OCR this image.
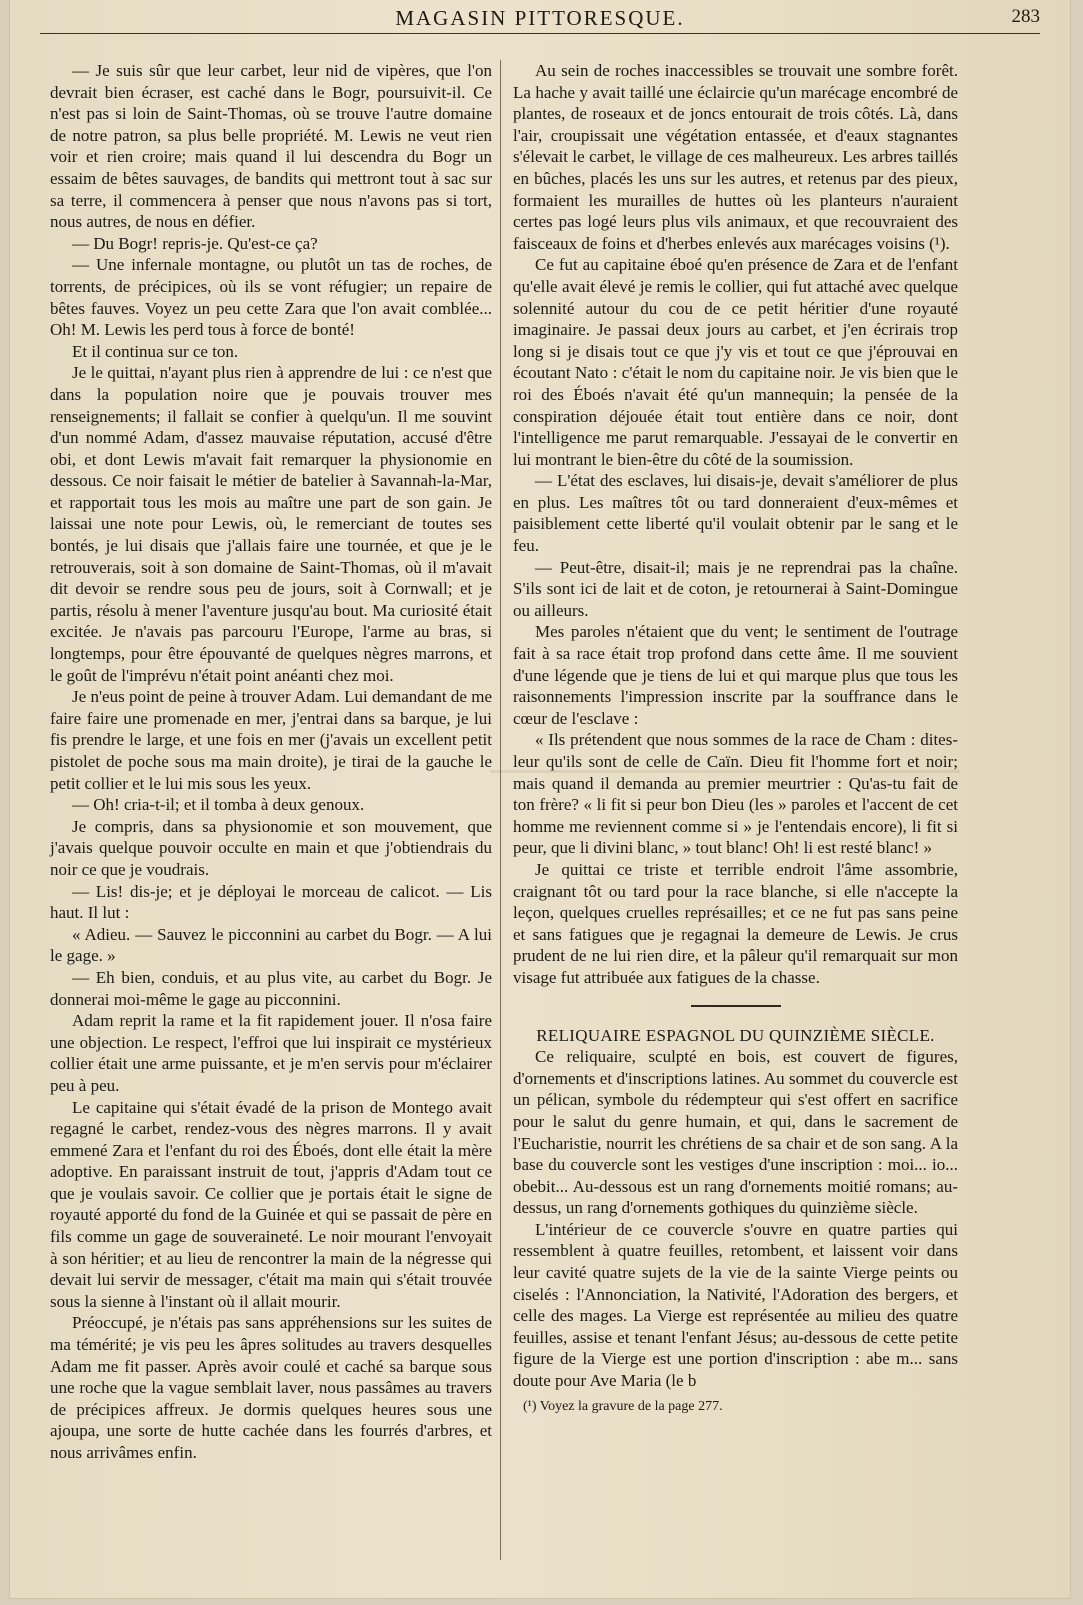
MAGASIN PITTORESQUE.	283

— Je suis sûr que leur carbet, leur nid de vipères, que l'on devrait bien écraser, est caché dans le Bogr, poursuivit-il. Ce n'est pas si loin de Saint-Thomas, où se trouve l'autre domaine de notre patron, sa plus belle propriété. M. Lewis ne veut rien voir et rien croire; mais quand il lui descendra du Bogr un essaim de bêtes sauvages, de bandits qui mettront tout à sac sur sa terre, il commencera à penser que nous n'avons pas si tort, nous autres, de nous en défier.

— Du Bogr! repris-je. Qu'est-ce ça?

— Une infernale montagne, ou plutôt un tas de roches, de torrents, de précipices, où ils se vont réfugier; un repaire de bêtes fauves. Voyez un peu cette Zara que l'on avait comblée... Oh! M. Lewis les perd tous à force de bonté!

Et il continua sur ce ton.

Je le quittai, n'ayant plus rien à apprendre de lui : ce n'est que dans la population noire que je pouvais trouver mes renseignements; il fallait se confier à quelqu'un. Il me souvint d'un nommé Adam, d'assez mauvaise réputation, accusé d'être obi, et dont Lewis m'avait fait remarquer la physionomie en dessous. Ce noir faisait le métier de batelier à Savannah-la-Mar, et rapportait tous les mois au maître une part de son gain. Je laissai une note pour Lewis, où, le remerciant de toutes ses bontés, je lui disais que j'allais faire une tournée, et que je le retrouverais, soit à son domaine de Saint-Thomas, où il m'avait dit devoir se rendre sous peu de jours, soit à Cornwall; et je partis, résolu à mener l'aventure jusqu'au bout. Ma curiosité était excitée. Je n'avais pas parcouru l'Europe, l'arme au bras, si longtemps, pour être épouvanté de quelques nègres marrons, et le goût de l'imprévu n'était point anéanti chez moi.

Je n'eus point de peine à trouver Adam. Lui demandant de me faire faire une promenade en mer, j'entrai dans sa barque, je lui fis prendre le large, et une fois en mer (j'avais un excellent petit pistolet de poche sous ma main droite), je tirai de la gauche le petit collier et le lui mis sous les yeux.

— Oh! cria-t-il; et il tomba à deux genoux.

Je compris, dans sa physionomie et son mouvement, que j'avais quelque pouvoir occulte en main et que j'obtiendrais du noir ce que je voudrais.

— Lis! dis-je; et je déployai le morceau de calicot. — Lis haut. Il lut :

« Adieu. — Sauvez le picconnini au carbet du Bogr. — A lui le gage. »

— Eh bien, conduis, et au plus vite, au carbet du Bogr. Je donnerai moi-même le gage au picconnini.

Adam reprit la rame et la fit rapidement jouer. Il n'osa faire une objection. Le respect, l'effroi que lui inspirait ce mystérieux collier était une arme puissante, et je m'en servis pour m'éclairer peu à peu.

Le capitaine qui s'était évadé de la prison de Montego avait regagné le carbet, rendez-vous des nègres marrons. Il y avait emmené Zara et l'enfant du roi des Éboés, dont elle était la mère adoptive. En paraissant instruit de tout, j'appris d'Adam tout ce que je voulais savoir. Ce collier que je portais était le signe de royauté apporté du fond de la Guinée et qui se passait de père en fils comme un gage de souveraineté. Le noir mourant l'envoyait à son héritier; et au lieu de rencontrer la main de la négresse qui devait lui servir de messager, c'était ma main qui s'était trouvée sous la sienne à l'instant où il allait mourir.

Préoccupé, je n'étais pas sans appréhensions sur les suites de ma témérité; je vis peu les âpres solitudes au travers desquelles Adam me fit passer. Après avoir coulé et caché sa barque sous une roche que la vague semblait laver, nous passâmes au travers de précipices affreux. Je dormis quelques heures sous une ajoupa, une sorte de hutte cachée dans les fourrés d'arbres, et nous arrivâmes enfin.

Au sein de roches inaccessibles se trouvait une sombre forêt. La hache y avait taillé une éclaircie qu'un marécage encombré de plantes, de roseaux et de joncs entourait de trois côtés. Là, dans l'air, croupissait une végétation entassée, et d'eaux stagnantes s'élevait le carbet, le village de ces malheureux. Les arbres taillés en bûches, placés les uns sur les autres, et retenus par des pieux, formaient les murailles de huttes où les planteurs n'auraient certes pas logé leurs plus vils animaux, et que recouvraient des faisceaux de foins et d'herbes enlevés aux marécages voisins (¹).

Ce fut au capitaine éboé qu'en présence de Zara et de l'enfant qu'elle avait élevé je remis le collier, qui fut attaché avec quelque solennité autour du cou de ce petit héritier d'une royauté imaginaire. Je passai deux jours au carbet, et j'en écrirais trop long si je disais tout ce que j'y vis et tout ce que j'éprouvai en écoutant Nato : c'était le nom du capitaine noir. Je vis bien que le roi des Éboés n'avait été qu'un mannequin; la pensée de la conspiration déjouée était tout entière dans ce noir, dont l'intelligence me parut remarquable. J'essayai de le convertir en lui montrant le bien-être du côté de la soumission.

— L'état des esclaves, lui disais-je, devait s'améliorer de plus en plus. Les maîtres tôt ou tard donneraient d'eux-mêmes et paisiblement cette liberté qu'il voulait obtenir par le sang et le feu.

— Peut-être, disait-il; mais je ne reprendrai pas la chaîne. S'ils sont ici de lait et de coton, je retournerai à Saint-Domingue ou ailleurs.

Mes paroles n'étaient que du vent; le sentiment de l'outrage fait à sa race était trop profond dans cette âme. Il me souvient d'une légende que je tiens de lui et qui marque plus que tous les raisonnements l'impression inscrite par la souffrance dans le cœur de l'esclave :

« Ils prétendent que nous sommes de la race de Cham : dites-leur qu'ils sont de celle de Caïn. Dieu fit l'homme fort et noir; mais quand il demanda au premier meurtrier : Qu'as-tu fait de ton frère? « li fit si peur bon Dieu (les » paroles et l'accent de cet homme me reviennent comme si » je l'entendais encore), li fit si peur, que li divini blanc, » tout blanc! Oh! li est resté blanc! »

Je quittai ce triste et terrible endroit l'âme assombrie, craignant tôt ou tard pour la race blanche, si elle n'accepte la leçon, quelques cruelles représailles; et ce ne fut pas sans peine et sans fatigues que je regagnai la demeure de Lewis. Je crus prudent de ne lui rien dire, et la pâleur qu'il remarquait sur mon visage fut attribuée aux fatigues de la chasse.

RELIQUAIRE ESPAGNOL DU QUINZIÈME SIÈCLE.

Ce reliquaire, sculpté en bois, est couvert de figures, d'ornements et d'inscriptions latines. Au sommet du couvercle est un pélican, symbole du rédempteur qui s'est offert en sacrifice pour le salut du genre humain, et qui, dans le sacrement de l'Eucharistie, nourrit les chrétiens de sa chair et de son sang. A la base du couvercle sont les vestiges d'une inscription : moi... io... obebit... Au-dessous est un rang d'ornements moitié romans; au-dessus, un rang d'ornements gothiques du quinzième siècle.

L'intérieur de ce couvercle s'ouvre en quatre parties qui ressemblent à quatre feuilles, retombent, et laissent voir dans leur cavité quatre sujets de la vie de la sainte Vierge peints ou ciselés : l'Annonciation, la Nativité, l'Adoration des bergers, et celle des mages. La Vierge est représentée au milieu des quatre feuilles, assise et tenant l'enfant Jésus; au-dessous de cette petite figure de la Vierge est une portion d'inscription : abe m... sans doute pour Ave Maria (le b

(¹) Voyez la gravure de la page 277.
